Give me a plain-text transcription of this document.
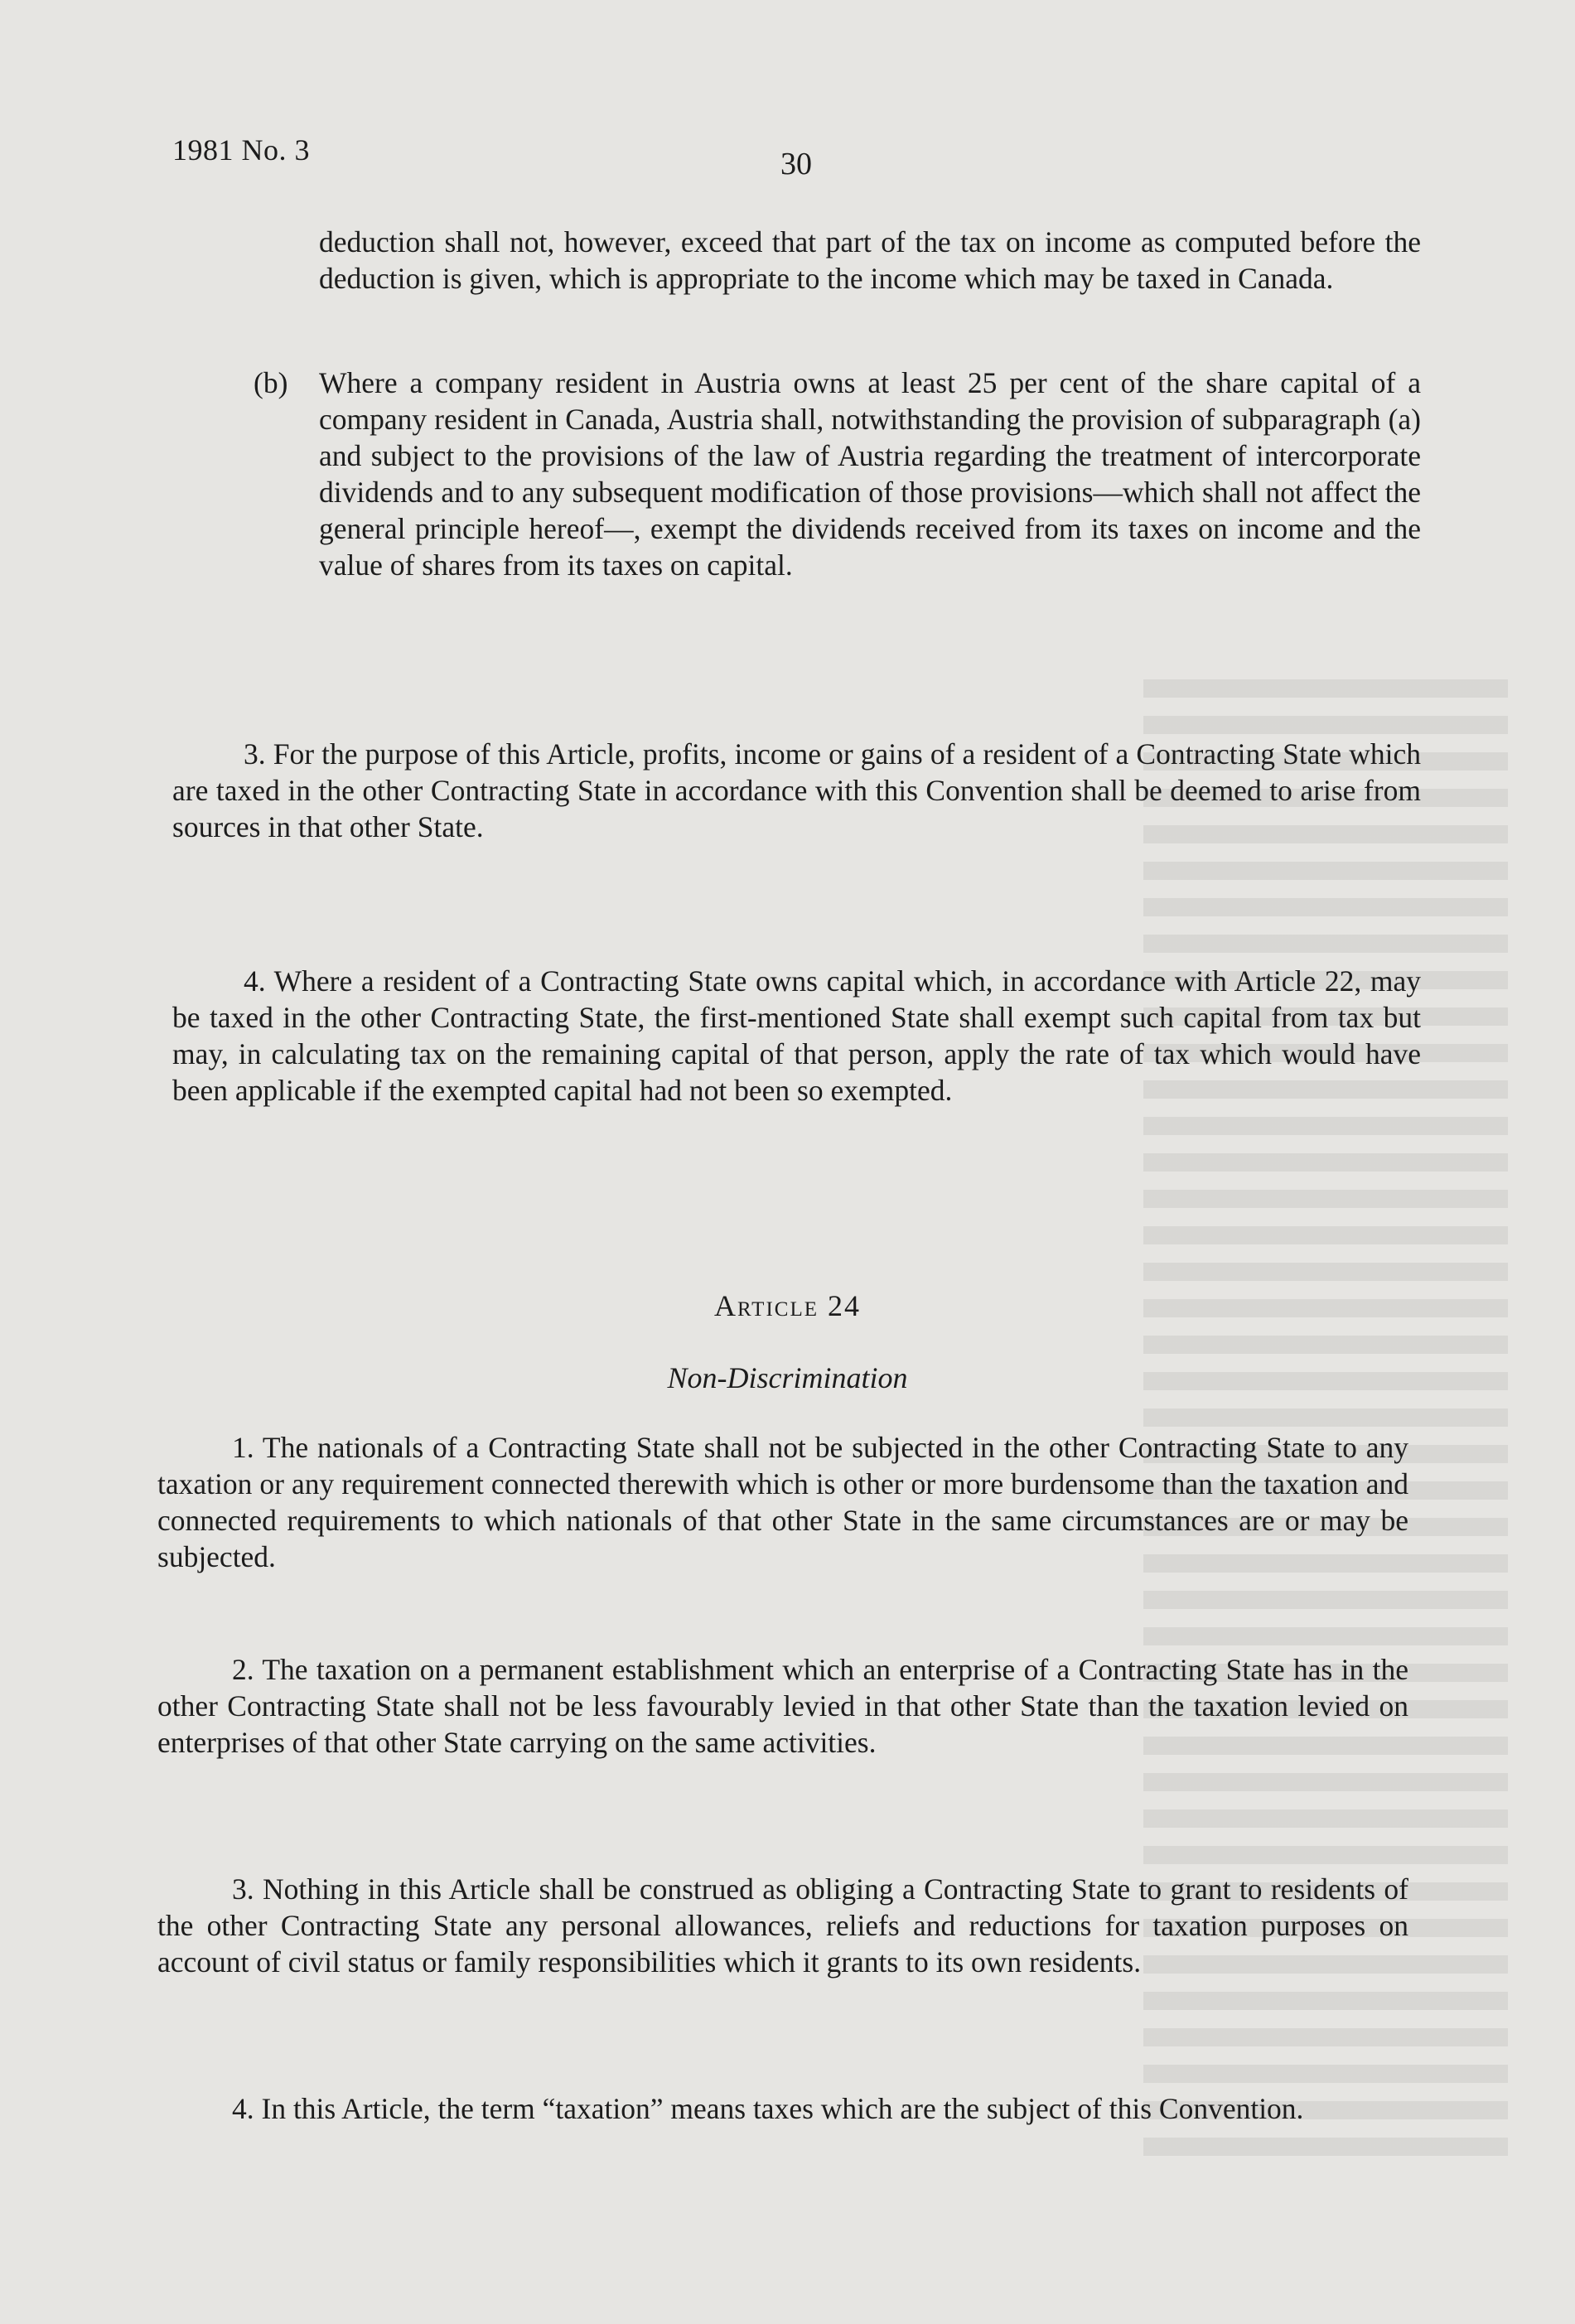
1981 No. 3	30

deduction shall not, however, exceed that part of the tax on income as computed before the deduction is given, which is appropriate to the income which may be taxed in Canada.

(b) Where a company resident in Austria owns at least 25 per cent of the share capital of a company resident in Canada, Austria shall, notwithstanding the provision of subparagraph (a) and subject to the provisions of the law of Austria regarding the treatment of intercorporate dividends and to any subsequent modification of those provisions—which shall not affect the general principle hereof—, exempt the dividends received from its taxes on income and the value of shares from its taxes on capital.

3. For the purpose of this Article, profits, income or gains of a resident of a Contracting State which are taxed in the other Contracting State in accordance with this Convention shall be deemed to arise from sources in that other State.

4. Where a resident of a Contracting State owns capital which, in accordance with Article 22, may be taxed in the other Contracting State, the first-mentioned State shall exempt such capital from tax but may, in calculating tax on the remaining capital of that person, apply the rate of tax which would have been applicable if the exempted capital had not been so exempted.

Article 24
Non-Discrimination

1. The nationals of a Contracting State shall not be subjected in the other Contracting State to any taxation or any requirement connected therewith which is other or more burdensome than the taxation and connected requirements to which nationals of that other State in the same circumstances are or may be subjected.

2. The taxation on a permanent establishment which an enterprise of a Contracting State has in the other Contracting State shall not be less favourably levied in that other State than the taxation levied on enterprises of that other State carrying on the same activities.

3. Nothing in this Article shall be construed as obliging a Contracting State to grant to residents of the other Contracting State any personal allowances, reliefs and reductions for taxation purposes on account of civil status or family responsibilities which it grants to its own residents.

4. In this Article, the term “taxation” means taxes which are the subject of this Convention.
